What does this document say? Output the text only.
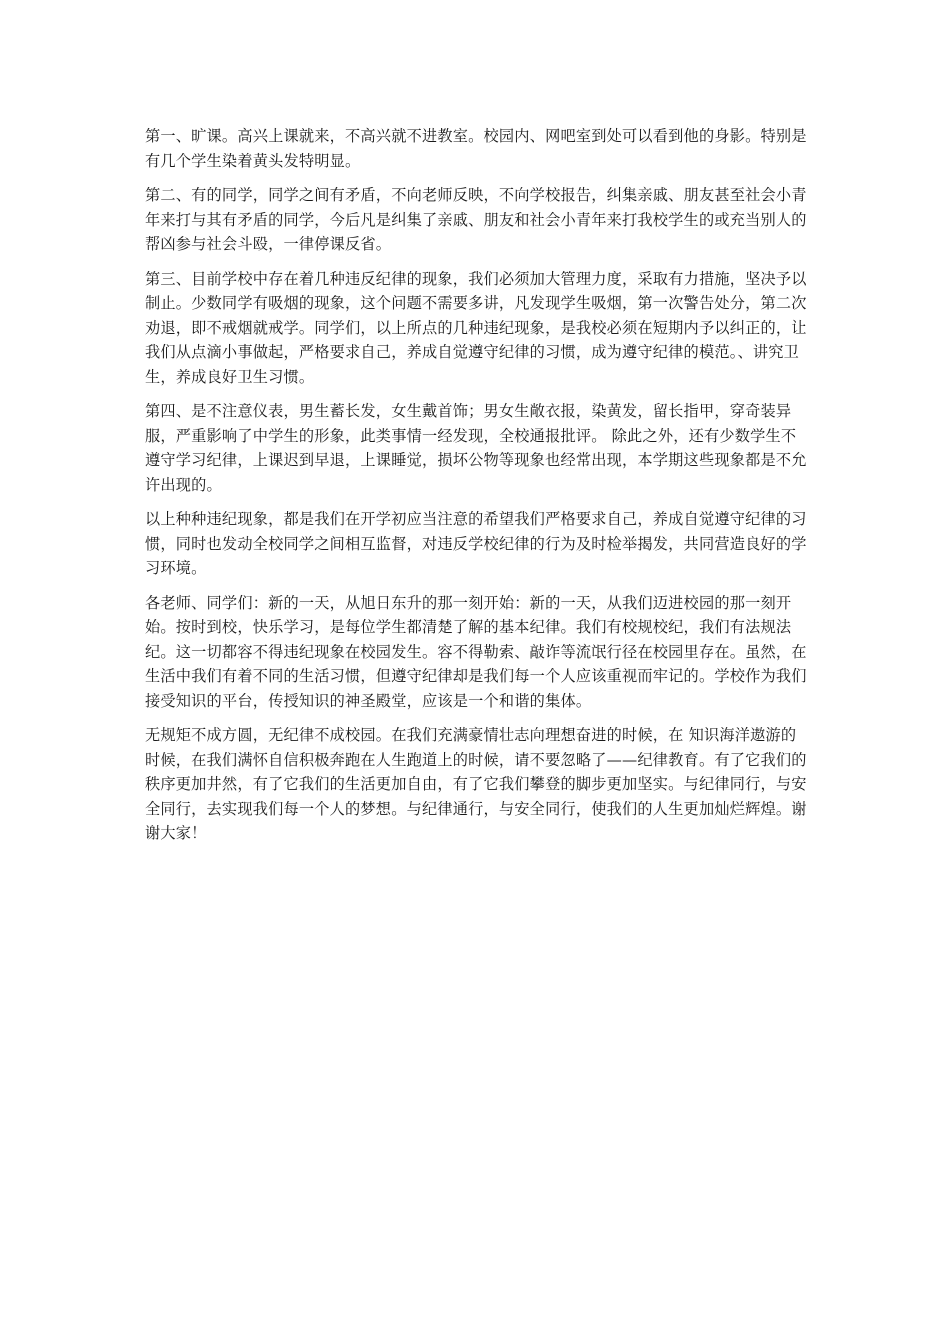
第一、旷课。高兴上课就来，不高兴就不进教室。校园内、网吧室到处可以看到他的身影。特别是有几个学生染着黄头发特明显。

第二、有的同学，同学之间有矛盾，不向老师反映，不向学校报告，纠集亲戚、朋友甚至社会小青年来打与其有矛盾的同学，今后凡是纠集了亲戚、朋友和社会小青年来打我校学生的或充当别人的帮凶参与社会斗殴，一律停课反省。

第三、目前学校中存在着几种违反纪律的现象，我们必须加大管理力度，采取有力措施，坚决予以制止。少数同学有吸烟的现象，这个问题不需要多讲，凡发现学生吸烟，第一次警告处分，第二次劝退，即不戒烟就戒学。同学们，以上所点的几种违纪现象，是我校必须在短期内予以纠正的，让我们从点滴小事做起，严格要求自己，养成自觉遵守纪律的习惯，成为遵守纪律的模范。、讲究卫生，养成良好卫生习惯。

第四、是不注意仪表，男生蓄长发，女生戴首饰；男女生敞衣报，染黄发，留长指甲，穿奇装异服，严重影响了中学生的形象，此类事情一经发现，全校通报批评。 除此之外，还有少数学生不遵守学习纪律，上课迟到早退，上课睡觉，损坏公物等现象也经常出现，本学期这些现象都是不允许出现的。

以上种种违纪现象，都是我们在开学初应当注意的希望我们严格要求自己，养成自觉遵守纪律的习惯，同时也发动全校同学之间相互监督，对违反学校纪律的行为及时检举揭发，共同营造良好的学习环境。

各老师、同学们：新的一天，从旭日东升的那一刻开始：新的一天，从我们迈进校园的那一刻开始。按时到校，快乐学习，是每位学生都清楚了解的基本纪律。我们有校规校纪，我们有法规法纪。这一切都容不得违纪现象在校园发生。容不得勒索、敲诈等流氓行径在校园里存在。虽然，在生活中我们有着不同的生活习惯，但遵守纪律却是我们每一个人应该重视而牢记的。学校作为我们接受知识的平台，传授知识的神圣殿堂，应该是一个和谐的集体。

无规矩不成方圆，无纪律不成校园。在我们充满豪情壮志向理想奋进的时候，在 知识海洋遨游的时候，在我们满怀自信积极奔跑在人生跑道上的时候，请不要忽略了——纪律教育。有了它我们的秩序更加井然，有了它我们的生活更加自由，有了它我们攀登的脚步更加坚实。与纪律同行，与安全同行，去实现我们每一个人的梦想。与纪律通行，与安全同行，使我们的人生更加灿烂辉煌。谢谢大家！
